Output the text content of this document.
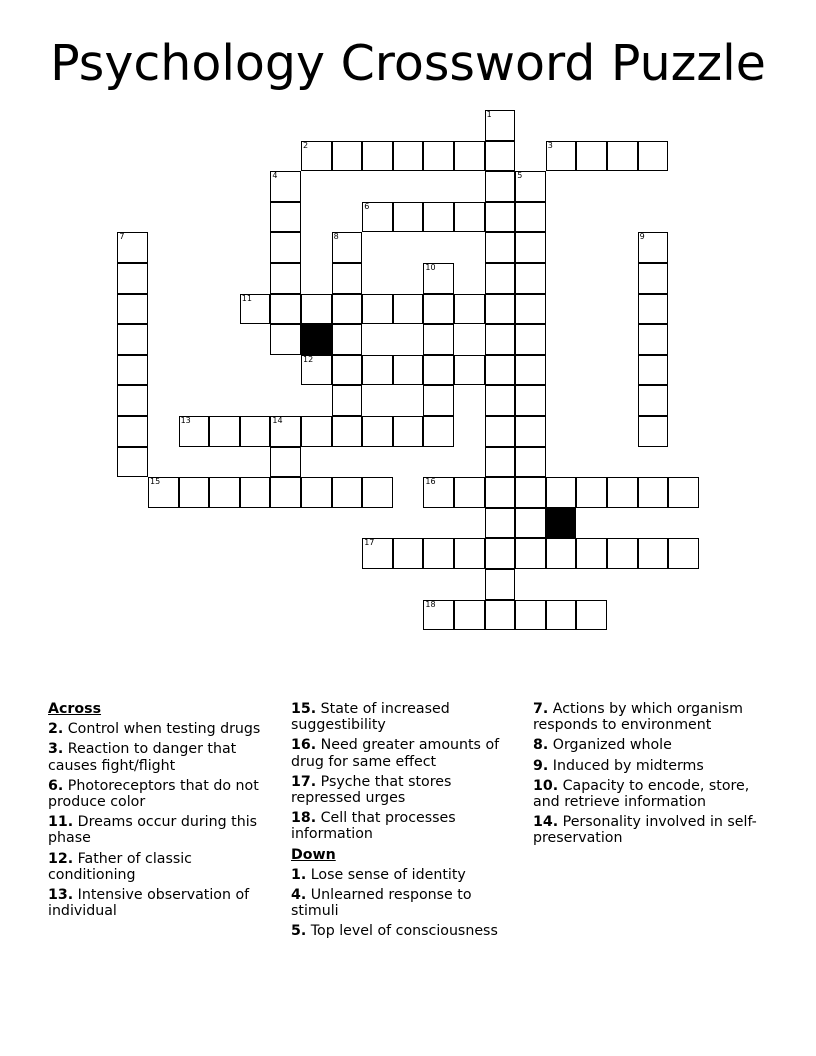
Psychology Crossword Puzzle
1
2	3
4	5
6
7	8	9
10
11
12
13	14
15	16
17
18
Across
2. Control when testing drugs
3. Reaction to danger that causes fight/flight
6. Photoreceptors that do not produce color
11. Dreams occur during this phase
12. Father of classic conditioning
13. Intensive observation of individual
15. State of increased suggestibility
16. Need greater amounts of drug for same effect
17. Psyche that stores repressed urges
18. Cell that processes information
Down
1. Lose sense of identity
4. Unlearned response to stimuli
5. Top level of consciousness
7. Actions by which organism responds to environment
8. Organized whole
9. Induced by midterms
10. Capacity to encode, store, and retrieve information
14. Personality involved in self-preservation
